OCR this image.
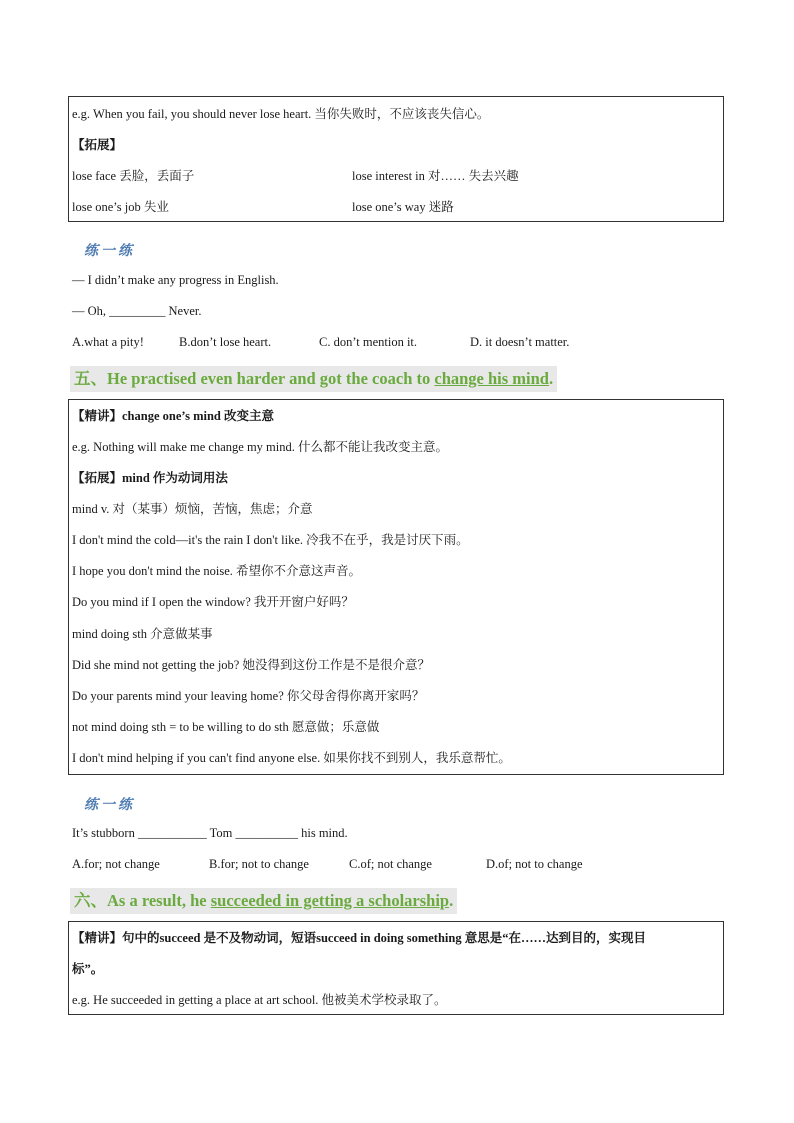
e.g. When you fail, you should never lose heart. 当你失败时，不应该丧失信心。
【拓展】
lose face 丢脸，丢面子	lose interest in 对…… 失去兴趣
lose one’s job 失业	lose one’s way 迷路
练一练
— I didn’t make any progress in English.
— Oh, _________ Never.
A.what a pity!	B.don’t lose heart.	C. don’t mention it.	D. it doesn’t matter.
五、He practised even harder and got the coach to change his mind.
【精讲】change one’s mind 改变主意
e.g. Nothing will make me change my mind. 什么都不能让我改变主意。
【拓展】mind 作为动词用法
mind v. 对（某事）烦恼，苦恼，焦虑；介意
I don't mind the cold—it's the rain I don't like. 冷我不在乎，我是讨厌下雨。
I hope you don't mind the noise. 希望你不介意这声音。
Do you mind if I open the window? 我开开窗户好吗？
mind doing sth 介意做某事
Did she mind not getting the job? 她没得到这份工作是不是很介意？
Do your parents mind your leaving home? 你父母舍得你离开家吗？
not mind doing sth = to be willing to do sth 愿意做；乐意做
I don't mind helping if you can't find anyone else. 如果你找不到别人，我乐意帮忙。
练一练
It’s stubborn ___________ Tom __________ his mind.
A.for; not change	B.for; not to change	C.of; not change	D.of; not to change
六、As a result, he succeeded in getting a scholarship.
【精讲】句中的succeed 是不及物动词，短语succeed in doing something 意思是“在……达到目的，实现目
标”。
e.g. He succeeded in getting a place at art school. 他被美术学校录取了。
